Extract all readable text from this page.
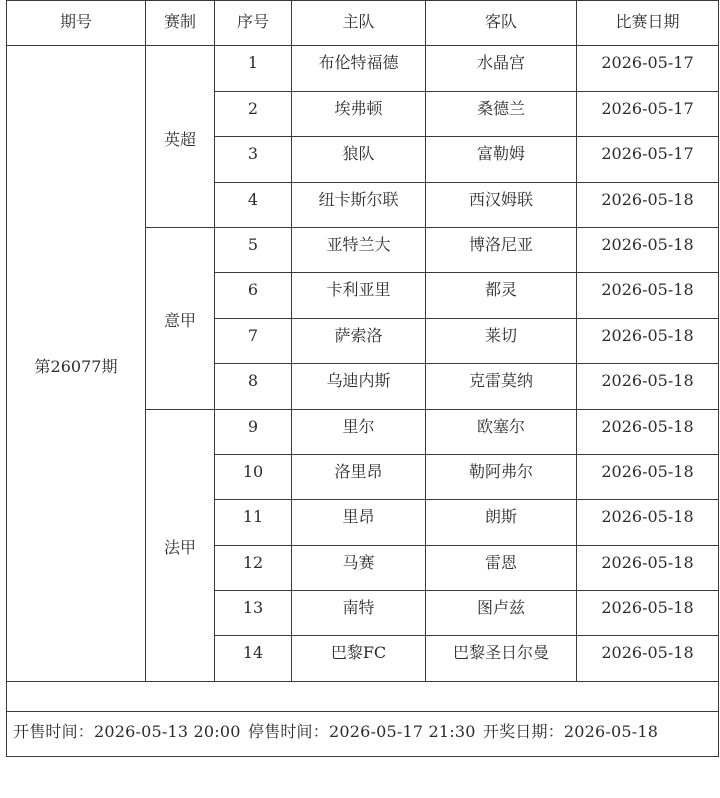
期号	赛制	序号	主队	客队	比赛日期
第26077期	英超	1	布伦特福德	水晶宫	2026-05-17
		2	埃弗顿	桑德兰	2026-05-17
		3	狼队	富勒姆	2026-05-17
		4	纽卡斯尔联	西汉姆联	2026-05-18
	意甲	5	亚特兰大	博洛尼亚	2026-05-18
		6	卡利亚里	都灵	2026-05-18
		7	萨索洛	莱切	2026-05-18
		8	乌迪内斯	克雷莫纳	2026-05-18
	法甲	9	里尔	欧塞尔	2026-05-18
		10	洛里昂	勒阿弗尔	2026-05-18
		11	里昂	朗斯	2026-05-18
		12	马赛	雷恩	2026-05-18
		13	南特	图卢兹	2026-05-18
		14	巴黎FC	巴黎圣日尔曼	2026-05-18

开售时间：2026-05-13 20:00 停售时间：2026-05-17 21:30 开奖日期：2026-05-18					
